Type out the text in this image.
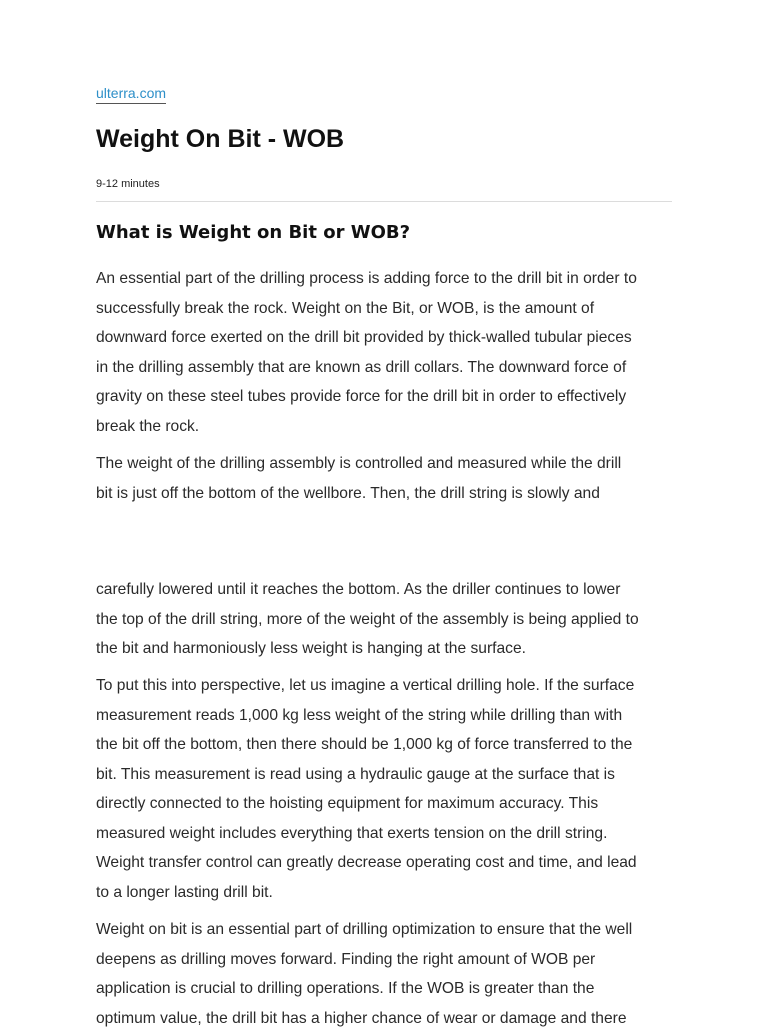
ulterra.com
Weight On Bit - WOB
9-12 minutes
What is Weight on Bit or WOB?

An essential part of the drilling process is adding force to the drill bit in order to
successfully break the rock. Weight on the Bit, or WOB, is the amount of
downward force exerted on the drill bit provided by thick-walled tubular pieces
in the drilling assembly that are known as drill collars. The downward force of
gravity on these steel tubes provide force for the drill bit in order to effectively
break the rock.

The weight of the drilling assembly is controlled and measured while the drill
bit is just off the bottom of the wellbore. Then, the drill string is slowly and

carefully lowered until it reaches the bottom. As the driller continues to lower
the top of the drill string, more of the weight of the assembly is being applied to
the bit and harmoniously less weight is hanging at the surface.

To put this into perspective, let us imagine a vertical drilling hole. If the surface
measurement reads 1,000 kg less weight of the string while drilling than with
the bit off the bottom, then there should be 1,000 kg of force transferred to the
bit. This measurement is read using a hydraulic gauge at the surface that is
directly connected to the hoisting equipment for maximum accuracy. This
measured weight includes everything that exerts tension on the drill string.
Weight transfer control can greatly decrease operating cost and time, and lead
to a longer lasting drill bit.

Weight on bit is an essential part of drilling optimization to ensure that the well
deepens as drilling moves forward. Finding the right amount of WOB per
application is crucial to drilling operations. If the WOB is greater than the
optimum value, the drill bit has a higher chance of wear or damage and there
